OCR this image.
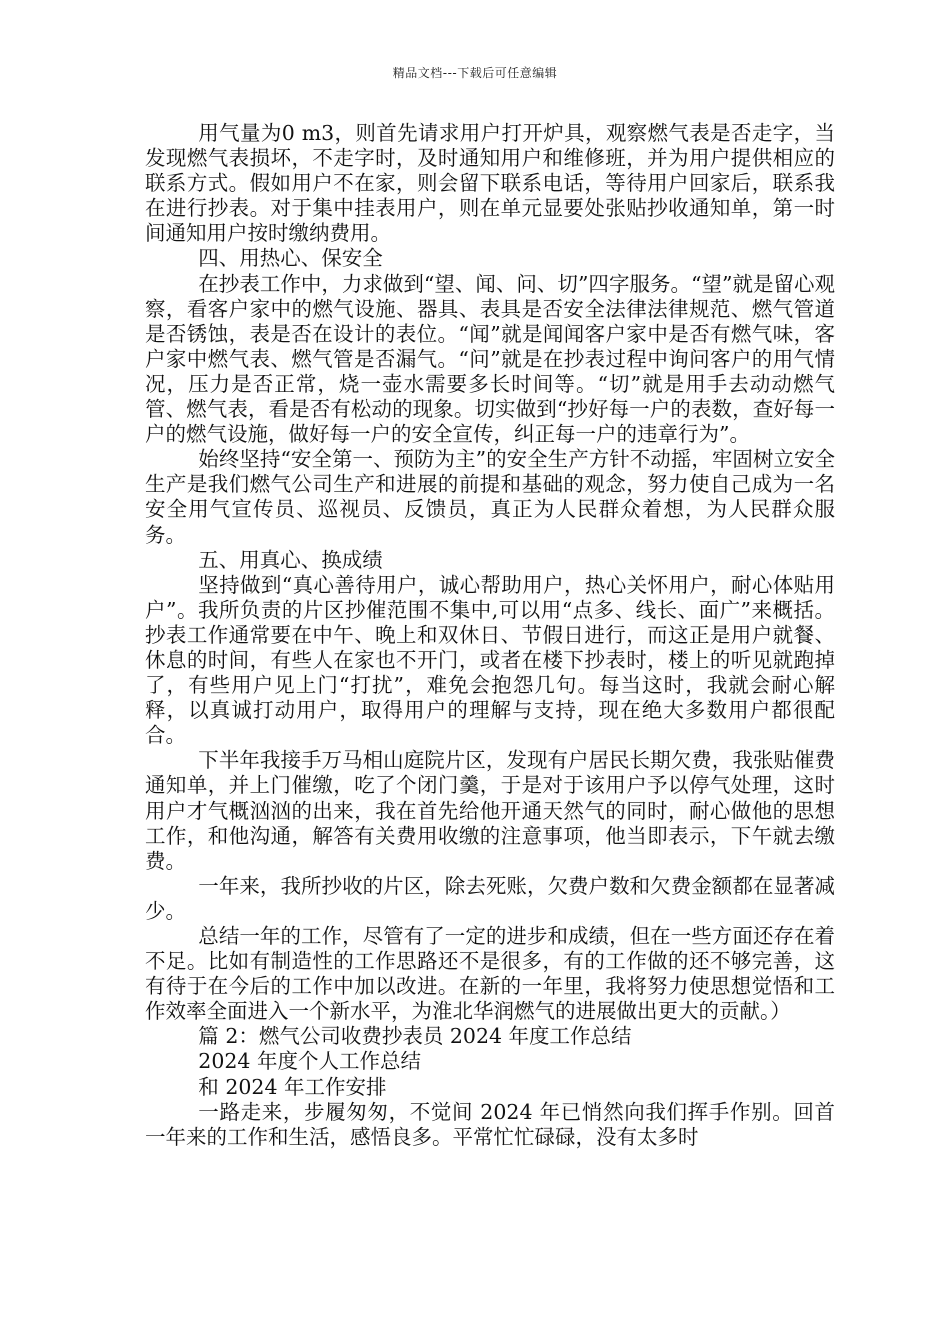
精品文档---下载后可任意编辑

用气量为0 m3，则首先请求用户打开炉具，观察燃气表是否走字，当发现燃气表损坏，不走字时，及时通知用户和维修班，并为用户提供相应的联系方式。假如用户不在家，则会留下联系电话，等待用户回家后，联系我在进行抄表。对于集中挂表用户，则在单元显要处张贴抄收通知单，第一时间通知用户按时缴纳费用。

四、用热心、保安全

在抄表工作中，力求做到“望、闻、问、切”四字服务。“望”就是留心观察，看客户家中的燃气设施、器具、表具是否安全法律法律规范、燃气管道是否锈蚀，表是否在设计的表位。“闻”就是闻闻客户家中是否有燃气味，客户家中燃气表、燃气管是否漏气。“问”就是在抄表过程中询问客户的用气情况，压力是否正常，烧一壶水需要多长时间等。“切”就是用手去动动燃气管、燃气表，看是否有松动的现象。切实做到“抄好每一户的表数，查好每一户的燃气设施，做好每一户的安全宣传，纠正每一户的违章行为”。

始终坚持“安全第一、预防为主”的安全生产方针不动摇，牢固树立安全生产是我们燃气公司生产和进展的前提和基础的观念，努力使自己成为一名安全用气宣传员、巡视员、反馈员，真正为人民群众着想，为人民群众服务。

五、用真心、换成绩

坚持做到“真心善待用户，诚心帮助用户，热心关怀用户，耐心体贴用户”。我所负责的片区抄催范围不集中,可以用“点多、线长、面广”来概括。抄表工作通常要在中午、晚上和双休日、节假日进行，而这正是用户就餐、休息的时间，有些人在家也不开门，或者在楼下抄表时，楼上的听见就跑掉了，有些用户见上门“打扰”，难免会抱怨几句。每当这时，我就会耐心解释，以真诚打动用户，取得用户的理解与支持，现在绝大多数用户都很配合。

下半年我接手万马相山庭院片区，发现有户居民长期欠费，我张贴催费通知单，并上门催缴，吃了个闭门羹，于是对于该用户予以停气处理，这时用户才气概汹汹的出来，我在首先给他开通天然气的同时，耐心做他的思想工作，和他沟通，解答有关费用收缴的注意事项，他当即表示，下午就去缴费。

一年来，我所抄收的片区，除去死账，欠费户数和欠费金额都在显著减少。

总结一年的工作，尽管有了一定的进步和成绩，但在一些方面还存在着不足。比如有制造性的工作思路还不是很多，有的工作做的还不够完善，这有待于在今后的工作中加以改进。在新的一年里，我将努力使思想觉悟和工作效率全面进入一个新水平，为淮北华润燃气的进展做出更大的贡献。）

篇 2：燃气公司收费抄表员 2024 年度工作总结

2024 年度个人工作总结

和 2024 年工作安排

一路走来，步履匆匆，不觉间 2024 年已悄然向我们挥手作别。回首一年来的工作和生活，感悟良多。平常忙忙碌碌，没有太多时
